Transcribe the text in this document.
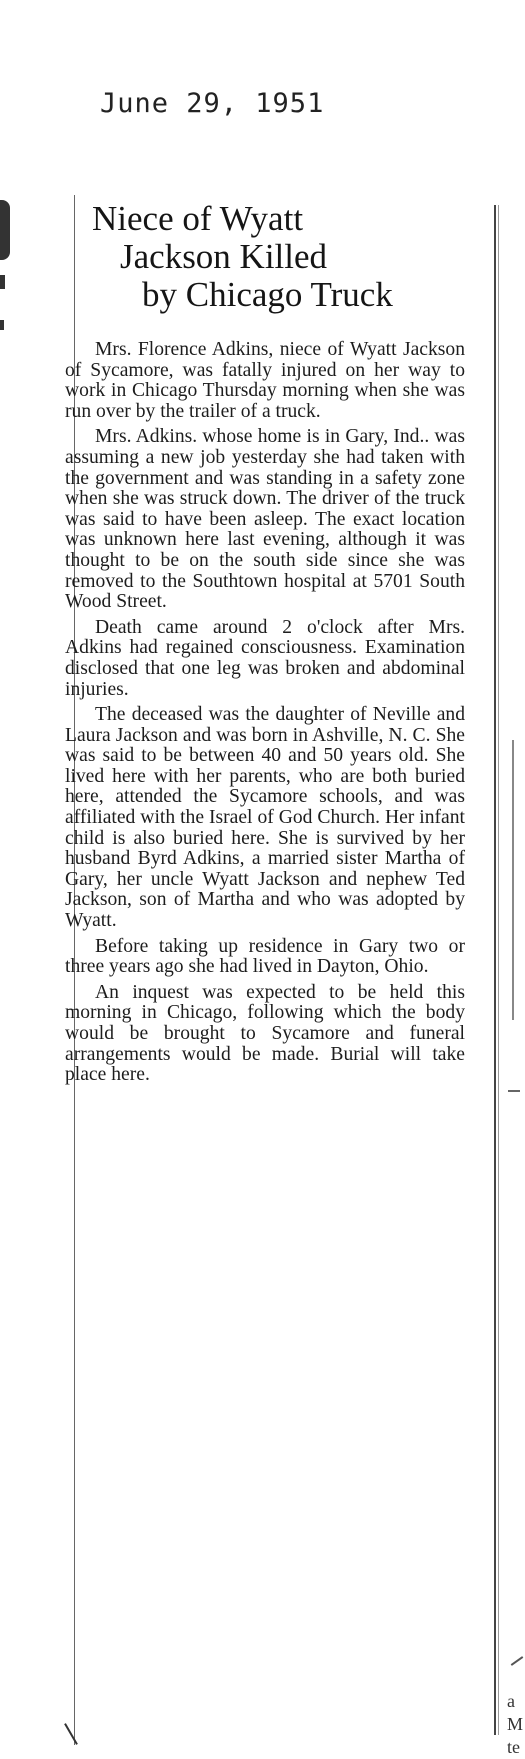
June 29, 1951
Niece of Wyatt
Jackson Killed
by Chicago Truck

Mrs. Florence Adkins, niece of Wyatt Jackson of Sycamore, was fatally injured on her way to work in Chicago Thursday morning when she was run over by the trailer of a truck.

Mrs. Adkins. whose home is in Gary, Ind.. was assuming a new job yesterday she had taken with the government and was standing in a safety zone when she was struck down. The driver of the truck was said to have been asleep. The exact location was unknown here last evening, although it was thought to be on the south side since she was removed to the Southtown hospital at 5701 South Wood Street.

Death came around 2 o'clock after Mrs. Adkins had regained consciousness. Examination disclosed that one leg was broken and abdominal injuries.

The deceased was the daughter of Neville and Laura Jackson and was born in Ashville, N. C. She was said to be between 40 and 50 years old. She lived here with her parents, who are both buried here, attended the Sycamore schools, and was affiliated with the Israel of God Church. Her infant child is also buried here. She is survived by her husband Byrd Adkins, a married sister Martha of Gary, her uncle Wyatt Jackson and nephew Ted Jackson, son of Martha and who was adopted by Wyatt.

Before taking up residence in Gary two or three years ago she had lived in Dayton, Ohio.

An inquest was expected to be held this morning in Chicago, following which the body would be brought to Sycamore and funeral arrangements would be made. Burial will take place here.

a
M
te
